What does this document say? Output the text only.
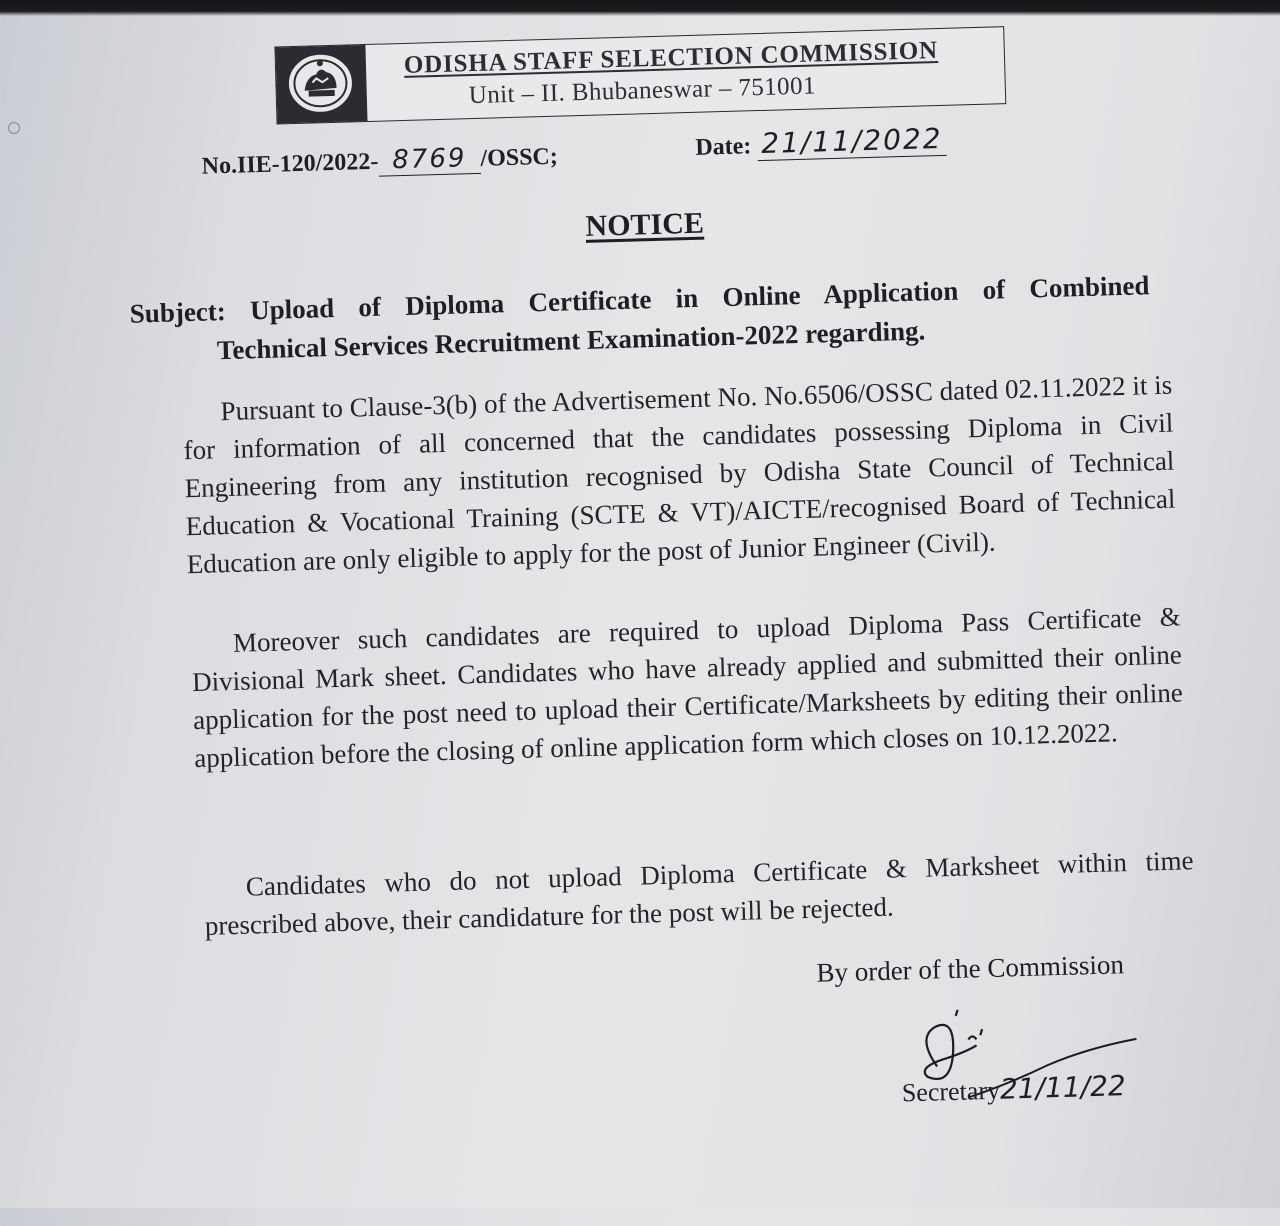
ODISHA STAFF SELECTION COMMISSION
Unit – II. Bhubaneswar – 751001
No.IIE-120/2022- 8769 /OSSC;	Date: 21/11/2022
NOTICE
Subject: Upload of Diploma Certificate in Online Application of Combined
Technical Services Recruitment Examination-2022 regarding.
Pursuant to Clause-3(b) of the Advertisement No. No.6506/OSSC dated 02.11.2022 it is for information of all concerned that the candidates possessing Diploma in Civil Engineering from any institution recognised by Odisha State Council of Technical Education & Vocational Training (SCTE & VT)/AICTE/recognised Board of Technical Education are only eligible to apply for the post of Junior Engineer (Civil).
Moreover such candidates are required to upload Diploma Pass Certificate & Divisional Mark sheet. Candidates who have already applied and submitted their online application for the post need to upload their Certificate/Marksheets by editing their online application before the closing of online application form which closes on 10.12.2022.
Candidates who do not upload Diploma Certificate & Marksheet within time prescribed above, their candidature for the post will be rejected.
By order of the Commission
Secretary21/11/22
